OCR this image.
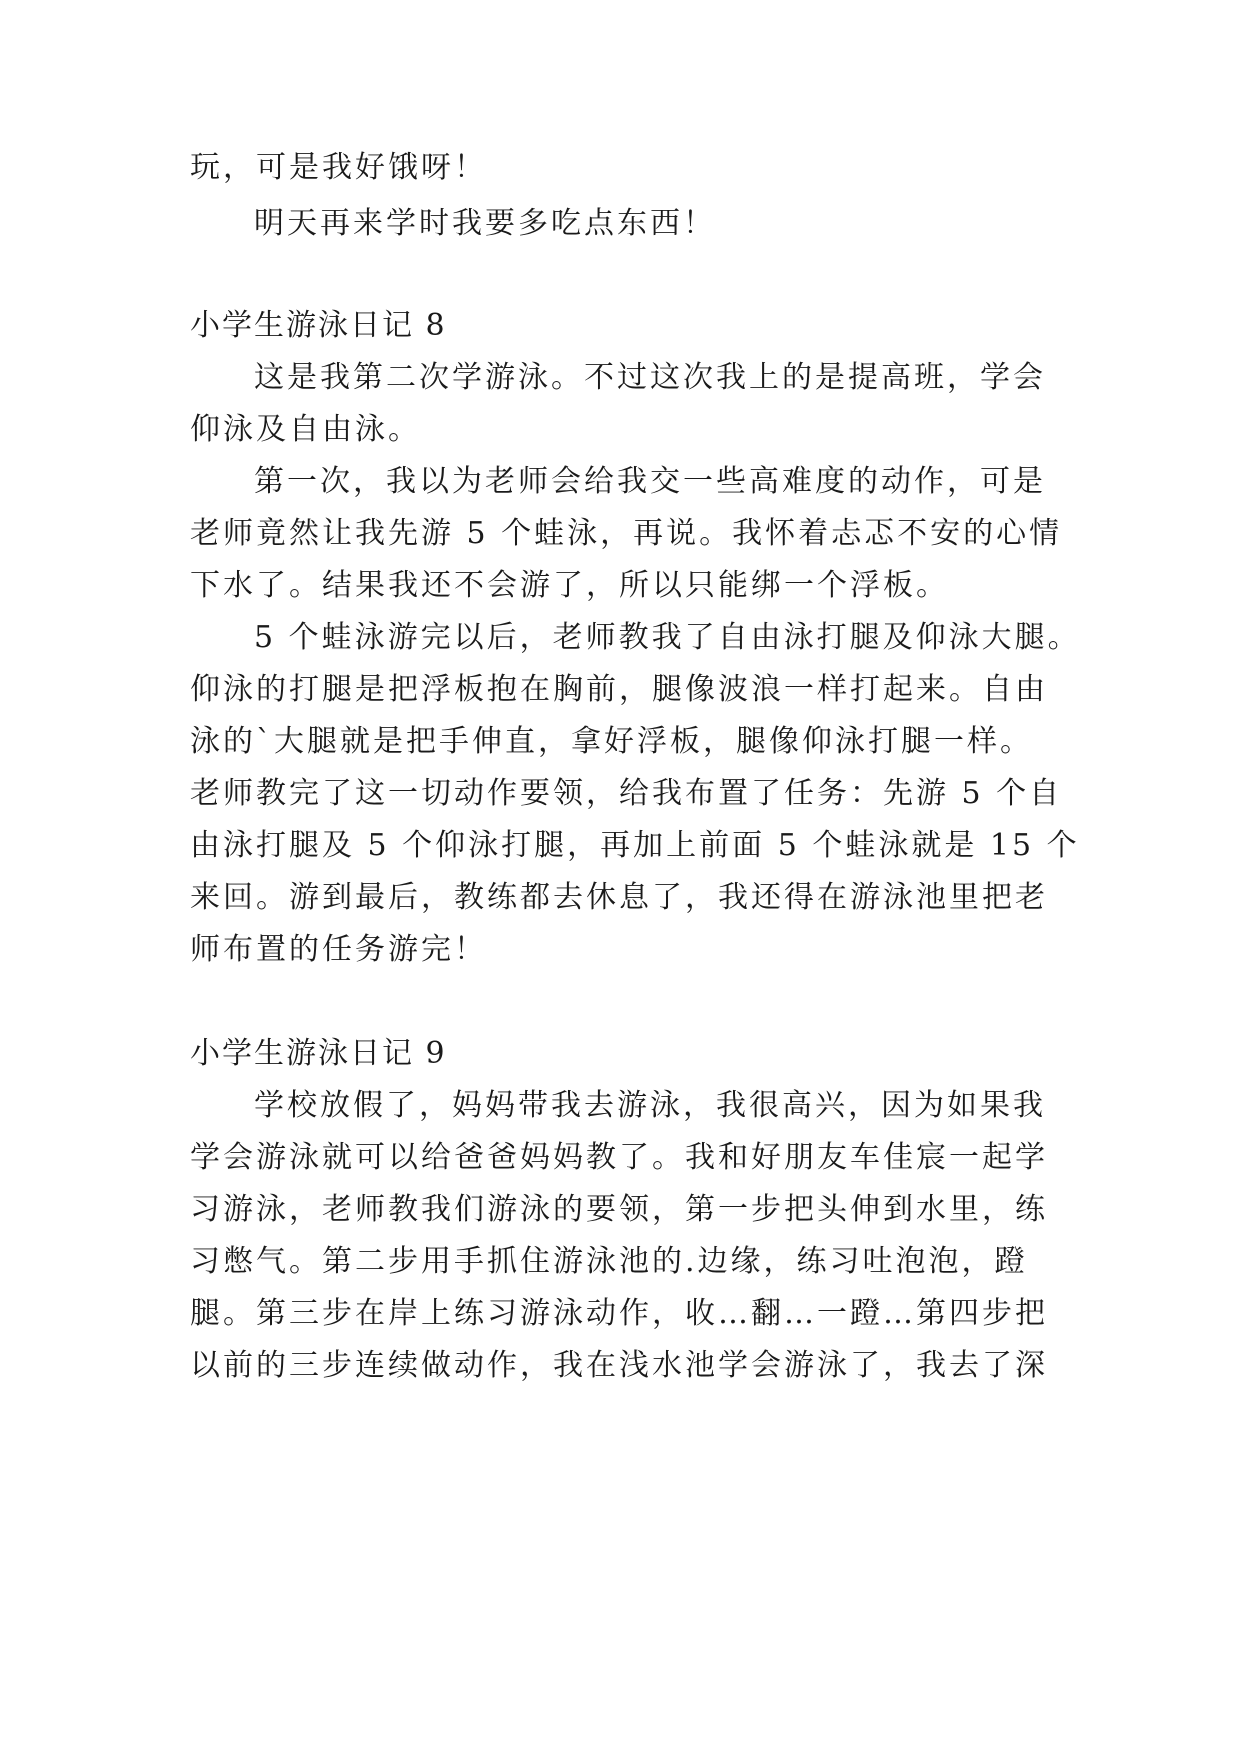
玩，可是我好饿呀！
明天再来学时我要多吃点东西！
小学生游泳日记 8
这是我第二次学游泳。不过这次我上的是提高班，学会
仰泳及自由泳。
第一次，我以为老师会给我交一些高难度的动作，可是
老师竟然让我先游 5 个蛙泳，再说。我怀着忐忑不安的心情
下水了。结果我还不会游了，所以只能绑一个浮板。
5 个蛙泳游完以后，老师教我了自由泳打腿及仰泳大腿。
仰泳的打腿是把浮板抱在胸前，腿像波浪一样打起来。自由
泳的`大腿就是把手伸直，拿好浮板，腿像仰泳打腿一样。
老师教完了这一切动作要领，给我布置了任务：先游 5 个自
由泳打腿及 5 个仰泳打腿，再加上前面 5 个蛙泳就是 15 个
来回。游到最后，教练都去休息了，我还得在游泳池里把老
师布置的任务游完！
小学生游泳日记 9
学校放假了，妈妈带我去游泳，我很高兴，因为如果我
学会游泳就可以给爸爸妈妈教了。我和好朋友车佳宸一起学
习游泳，老师教我们游泳的要领，第一步把头伸到水里，练
习憋气。第二步用手抓住游泳池的.边缘，练习吐泡泡，蹬
腿。第三步在岸上练习游泳动作，收…翻…一蹬…第四步把
以前的三步连续做动作，我在浅水池学会游泳了，我去了深
